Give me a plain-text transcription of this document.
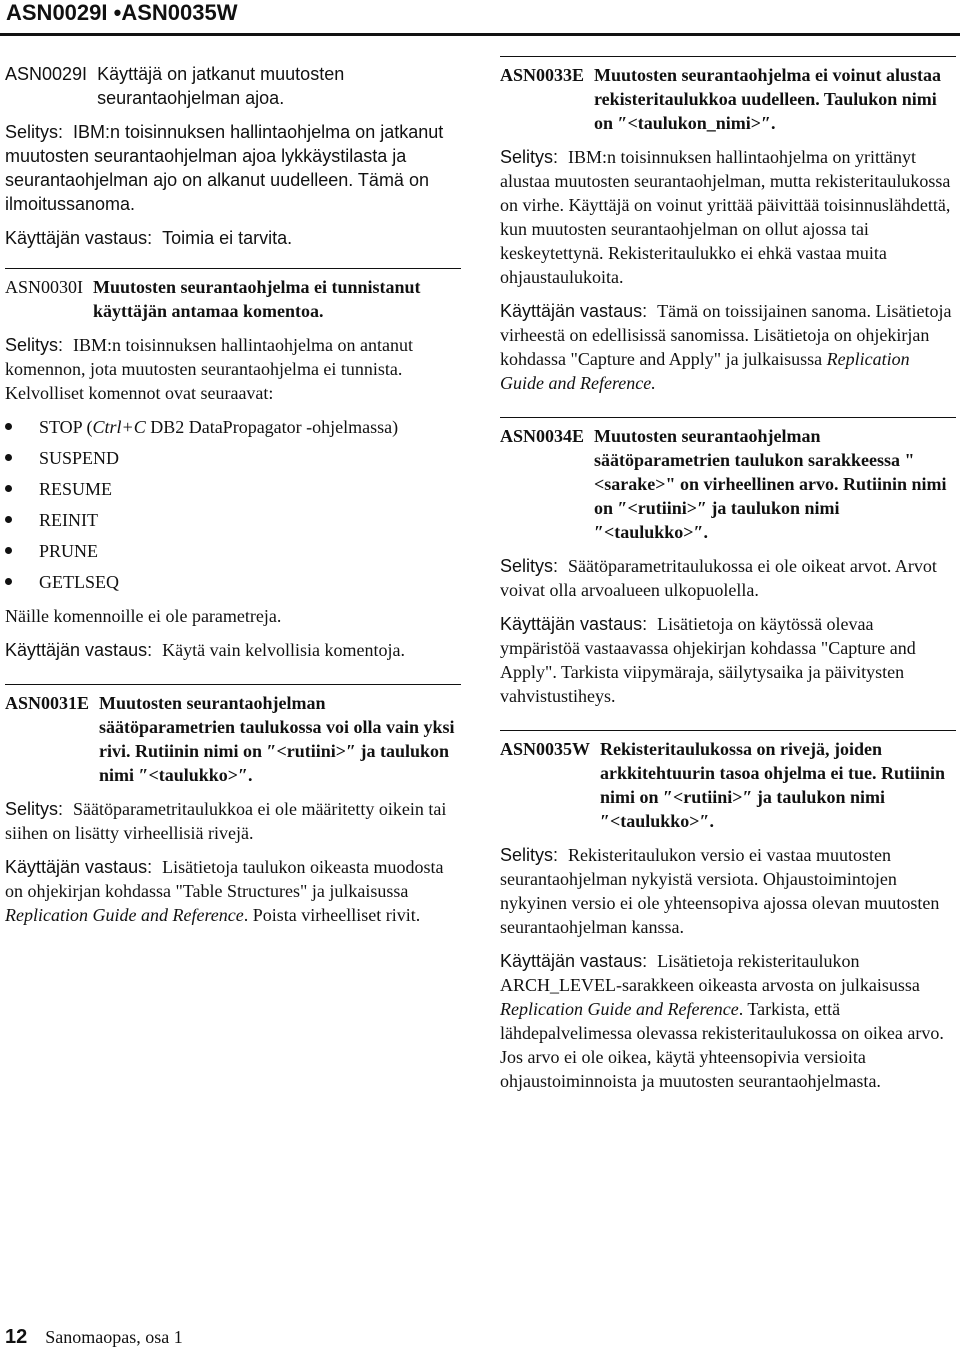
ASN0029I •ASN0035W
ASN0029I Käyttäjä on jatkanut muutosten seurantaohjelman ajoa.

Selitys: IBM:n toisinnuksen hallintaohjelma on jatkanut muutosten seurantaohjelman ajoa lykkäystilasta ja seurantaohjelman ajo on alkanut uudelleen. Tämä on ilmoitussanoma.

Käyttäjän vastaus: Toimia ei tarvita.

ASN0030I Muutosten seurantaohjelma ei tunnistanut käyttäjän antamaa komentoa.

Selitys: IBM:n toisinnuksen hallintaohjelma on antanut komennon, jota muutosten seurantaohjelma ei tunnista. Kelvolliset komennot ovat seuraavat:

STOP (Ctrl+C DB2 DataPropagator -ohjelmassa)
SUSPEND
RESUME
REINIT
PRUNE
GETLSEQ

Näille komennoille ei ole parametreja.

Käyttäjän vastaus: Käytä vain kelvollisia komentoja.

ASN0031E Muutosten seurantaohjelman säätöparametrien taulukossa voi olla vain yksi rivi. Rutiinin nimi on ″<rutiini>″ ja taulukon nimi ″<taulukko>″.

Selitys: Säätöparametritaulukkoa ei ole määritetty oikein tai siihen on lisätty virheellisiä rivejä.

Käyttäjän vastaus: Lisätietoja taulukon oikeasta muodosta on ohjekirjan kohdassa "Table Structures" ja julkaisussa Replication Guide and Reference. Poista virheelliset rivit.

ASN0033E Muutosten seurantaohjelma ei voinut alustaa rekisteritaulukkoa uudelleen. Taulukon nimi on ″<taulukon_nimi>″.

Selitys: IBM:n toisinnuksen hallintaohjelma on yrittänyt alustaa muutosten seurantaohjelman, mutta rekisteritaulukossa on virhe. Käyttäjä on voinut yrittää päivittää toisinnuslähdettä, kun muutosten seurantaohjelman on ollut ajossa tai keskeytettynä. Rekisteritaulukko ei ehkä vastaa muita ohjaustaulukoita.

Käyttäjän vastaus: Tämä on toissijainen sanoma. Lisätietoja virheestä on edellisissä sanomissa. Lisätietoja on ohjekirjan kohdassa "Capture and Apply" ja julkaisussa Replication Guide and Reference.

ASN0034E Muutosten seurantaohjelman säätöparametrien taulukon sarakkeessa "<sarake>" on virheellinen arvo. Rutiinin nimi on ″<rutiini>″ ja taulukon nimi ″<taulukko>″.

Selitys: Säätöparametritaulukossa ei ole oikeat arvot. Arvot voivat olla arvoalueen ulkopuolella.

Käyttäjän vastaus: Lisätietoja on käytössä olevaa ympäristöä vastaavassa ohjekirjan kohdassa "Capture and Apply". Tarkista viipymäraja, säilytysaika ja päivitysten vahvistustiheys.

ASN0035W Rekisteritaulukossa on rivejä, joiden arkkitehtuurin tasoa ohjelma ei tue. Rutiinin nimi on ″<rutiini>″ ja taulukon nimi ″<taulukko>″.

Selitys: Rekisteritaulukon versio ei vastaa muutosten seurantaohjelman nykyistä versiota. Ohjaustoimintojen nykyinen versio ei ole yhteensopiva ajossa olevan muutosten seurantaohjelman kanssa.

Käyttäjän vastaus: Lisätietoja rekisteritaulukon ARCH_LEVEL-sarakkeen oikeasta arvosta on julkaisussa Replication Guide and Reference. Tarkista, että lähdepalvelimessa olevassa rekisteritaulukossa on oikea arvo. Jos arvo ei ole oikea, käytä yhteensopivia versioita ohjaustoiminnoista ja muutosten seurantaohjelmasta.

12 Sanomaopas, osa 1
